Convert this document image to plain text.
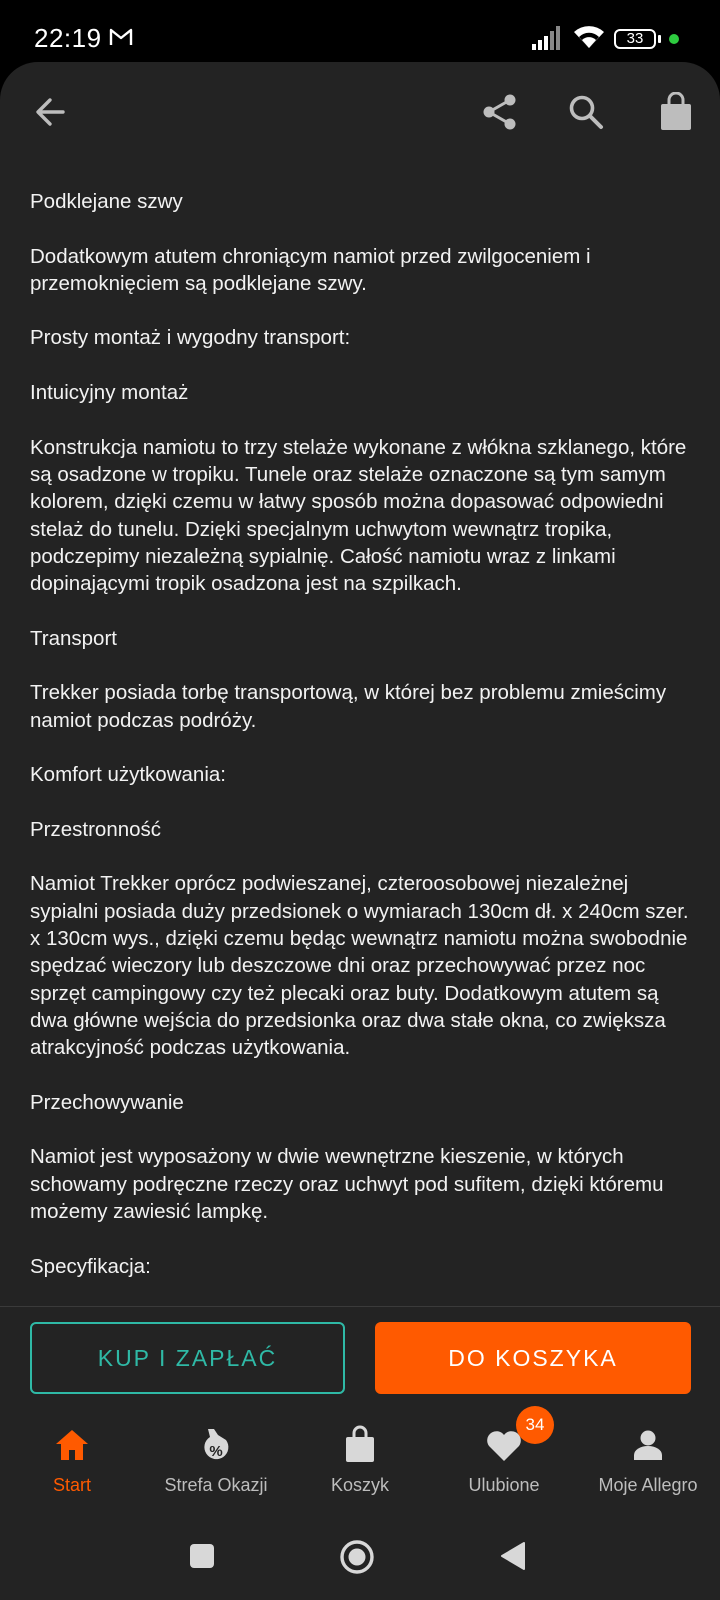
22:19	33

Podklejane szwy

Dodatkowym atutem chroniącym namiot przed zwilgoceniem i przemoknięciem są podklejane szwy.

Prosty montaż i wygodny transport:

Intuicyjny montaż

Konstrukcja namiotu to trzy stelaże wykonane z włókna szklanego, które są osadzone w tropiku. Tunele oraz stelaże oznaczone są tym samym kolorem, dzięki czemu w łatwy sposób można dopasować odpowiedni stelaż do tunelu. Dzięki specjalnym uchwytom wewnątrz tropika, podczepimy niezależną sypialnię. Całość namiotu wraz z linkami dopinającymi tropik osadzona jest na szpilkach.

Transport

Trekker posiada torbę transportową, w której bez problemu zmieścimy namiot podczas podróży.

Komfort użytkowania:

Przestronność

Namiot Trekker oprócz podwieszanej, czteroosobowej niezależnej sypialni posiada duży przedsionek o wymiarach 130cm dł. x 240cm szer. x 130cm wys., dzięki czemu będąc wewnątrz namiotu można swobodnie spędzać wieczory lub deszczowe dni oraz przechowywać przez noc sprzęt campingowy czy też plecaki oraz buty. Dodatkowym atutem są dwa główne wejścia do przedsionka oraz dwa stałe okna, co zwiększa atrakcyjność podczas użytkowania.

Przechowywanie

Namiot jest wyposażony w dwie wewnętrzne kieszenie, w których schowamy podręczne rzeczy oraz uchwyt pod sufitem, dzięki któremu możemy zawiesić lampkę.

Specyfikacja:

KUP I ZAPŁAĆ	DO KOSZYKA
Start
%
Strefa Okazji	Koszyk
34
Ulubione	Moje Allegro
